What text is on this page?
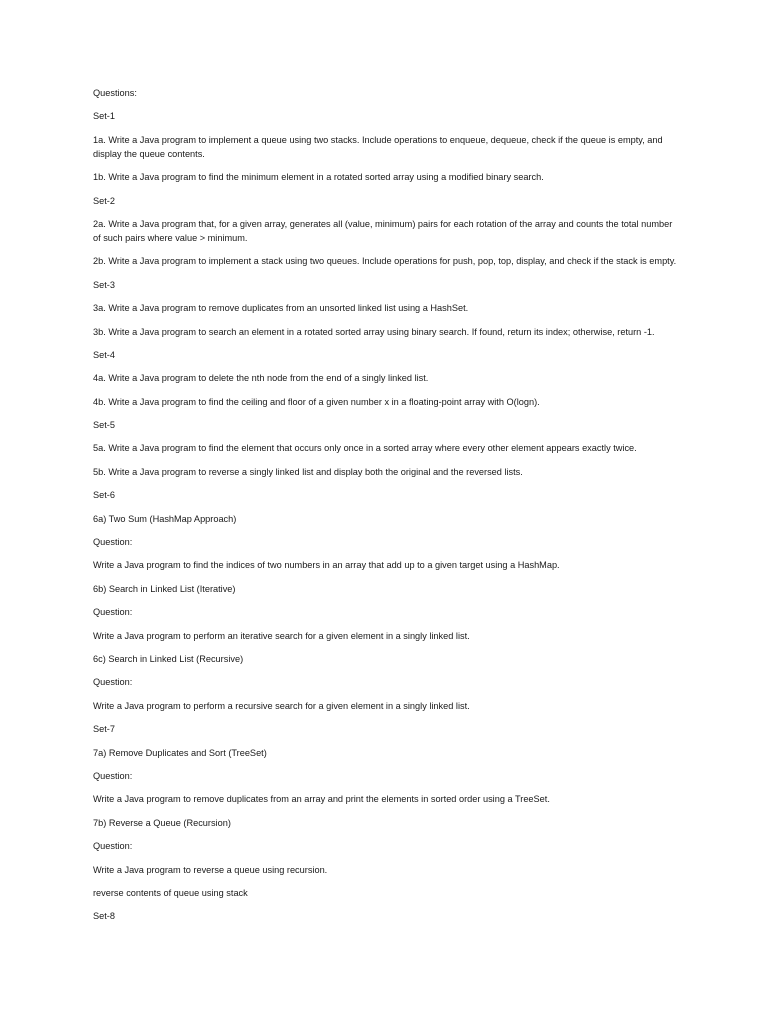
Questions:

Set-1

1a. Write a Java program to implement a queue using two stacks. Include operations to enqueue, dequeue, check if the queue is empty, and display the queue contents.

1b. Write a Java program to find the minimum element in a rotated sorted array using a modified binary search.

Set-2

2a. Write a Java program that, for a given array, generates all (value, minimum) pairs for each rotation of the array and counts the total number of such pairs where value > minimum.

2b. Write a Java program to implement a stack using two queues. Include operations for push, pop, top, display, and check if the stack is empty.

Set-3

3a. Write a Java program to remove duplicates from an unsorted linked list using a HashSet.

3b. Write a Java program to search an element in a rotated sorted array using binary search. If found, return its index; otherwise, return -1.

Set-4

4a. Write a Java program to delete the nth node from the end of a singly linked list.

4b. Write a Java program to find the ceiling and floor of a given number x in a floating-point array with O(logn).

Set-5

5a. Write a Java program to find the element that occurs only once in a sorted array where every other element appears exactly twice.

5b. Write a Java program to reverse a singly linked list and display both the original and the reversed lists.

Set-6

6a) Two Sum (HashMap Approach)

Question:

Write a Java program to find the indices of two numbers in an array that add up to a given target using a HashMap.

6b) Search in Linked List (Iterative)

Question:

Write a Java program to perform an iterative search for a given element in a singly linked list.

6c) Search in Linked List (Recursive)

Question:

Write a Java program to perform a recursive search for a given element in a singly linked list.

Set-7

7a) Remove Duplicates and Sort (TreeSet)

Question:

Write a Java program to remove duplicates from an array and print the elements in sorted order using a TreeSet.

7b) Reverse a Queue (Recursion)

Question:

Write a Java program to reverse a queue using recursion.

reverse contents of queue using stack

Set-8
